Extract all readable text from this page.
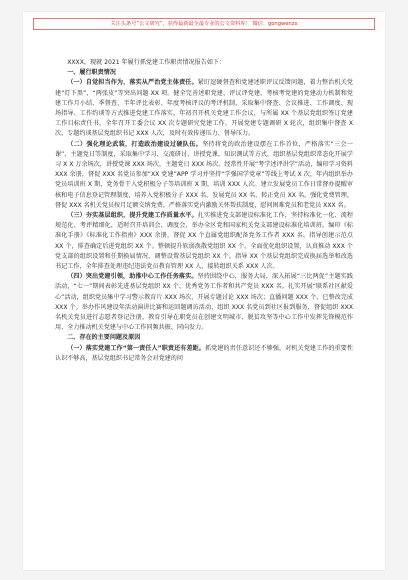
关注头条号“公文研究”，获得最新最全最专业的公文资料库！ 微信：gongwenzx

XXXX，现就 2021 年履行抓党建工作职责情况报告如下：

一、履行职责情况

（一）自觉担当作为，落实从严治党主体责任。紧盯逗硬督查和党建述职评议反馈问题，着力整治机关党建“灯下黑”、“两张皮”等突出问题 XX 项。健全完善述职党建、评议评党建、考核考党建的党建动力机制和党建工作月小结、季督查、半年评比表彰、年度考核评议的考评机制，采取集中督查、会议推进、工作调度、现场指导、工作约谈等方式推进党建工作落实。年初召开机关党建工作会议，与所属 XX 个基层党组织签订党建工作目标责任书，全年召开工委会议 XX 次专题研究党建工作，开展党建专题调研 X 轮次，组织集中督查 X 次，专题约谈基层党组织书记 XXX 人次，及时有效传递压力、督导压力。

（二）强化理论武装，打造政治建设过硬队伍。坚持将党的政治建设摆在工作首位，严格落实“三会一课”、主题党日等制度，采取集中学习、交流研讨、讲授党课、知识测试等方式，组织基层党组织常态化开展学习 X X 万余场次，讲授党课 XXX 场次，主题党日 XXX 场次。经常性开展“考学述评讲学”活动，编印学习资料 XXX 余册，督促 XXX 名党员参加“XX 党建”APP 学习并坚持“学强国学党章”等线上考试 X 次，年内组织举办党员培训班 X 期，党务骨干入党积极分子等培训班 X 期，培训 XXX 人次。建立发展党员工作日常督办提醒审核和电子信息登记管理制度，培养入党积极分子 XXX 名，发展党员 XX 名，转正党员 XX 名。强化党费管理，督促 XXX 名机关党员按月足额交纳党费。严格落实党内激励关怀帮扶制度，慰问困难党员和老党员 XXX 名。

（三）夯实基层组织，提升党建工作质量水平。扎实推进党支部建设标准化工作，坚持标准化一化、流程规范化、考评精细化，适时召开培训会、调度会、举办全区党和国家机关党支部建设标准化培训班。编印《标准化手册》《标准化工作指南》XXX 余册，督促 XX 个直属党组织配备党务工作者 XXX 名，指导创建示范点 XX 个，排查确定后进党组织 XX 个。整顿提升软弱涣散党组织 XX 个。全面优化组织设置，认真推动 XXX 个党支部的组织设置和任期换届情况，调整设置基层党组织 XX 个。指导 XX 个基层党组织完成换届选举和改选书记工作，全年排查处理违纪违法党员教育管理 XX 人，接转组织关系 XXX 人次。

（四）突出党建引领，助推中心工作任务落实。坚持围绕中心，服务大局，深入拓展“三比两促”主题实践活动，“七一”期间表彰先进基层党组织 XX 个、优秀党务工作者和共产党员 XXX 名。扎实开展“联系社区献爱心”活动，组织党员集中学习警示教育片 XXX 场次，开展专题讨论 XXX 场次；直播问题 XXX 个，已整改完成 XXX 个。举办作风建设年活动演讲比赛和运回题调访活动，组织 XXX 名党员到社区报到服务，督促组织 XXX 名机关党员进行志愿者登记注册，教育引导在职党员在创建文明城市、脱贫攻坚等中心工作中发挥先锋模范作用，全力推动机关党建与中心工作同频共振、同向发力。

二、存在的主要问题及原因

（一）落实党建工作“第一责任人”职责还有差距。抓党建的责任意识还不够强，对机关党建工作的重要性认识不够高，基层党组织书记常务会对党建的问
